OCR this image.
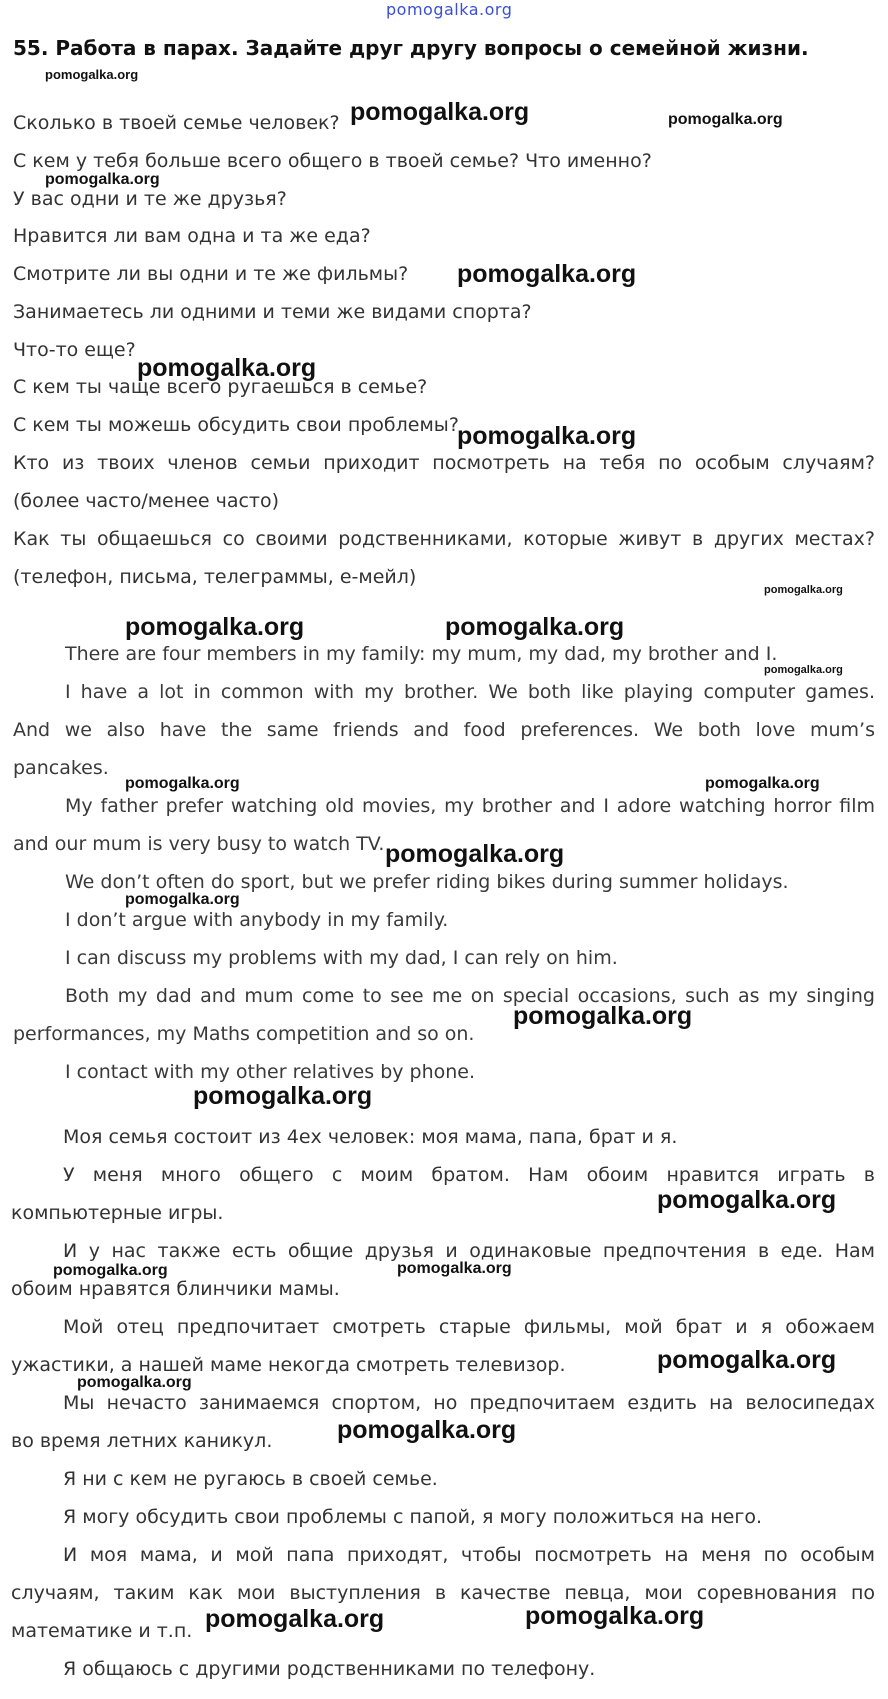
pomogalka.org
55. Работа в парах. Задайте друг другу вопросы о семейной жизни.
Сколько в твоей семье человек?
С кем у тебя больше всего общего в твоей семье? Что именно?
У вас одни и те же друзья?
Нравится ли вам одна и та же еда?
Смотрите ли вы одни и те же фильмы?
Занимаетесь ли одними и теми же видами спорта?
Что-то еще?
С кем ты чаще всего ругаешься в семье?
С кем ты можешь обсудить свои проблемы?
Кто из твоих членов семьи приходит посмотреть на тебя по особым случаям?
(более часто/менее часто)
Как ты общаешься со своими родственниками, которые живут в других местах?
(телефон, письма, телеграммы, е-мейл)
There are four members in my family: my mum, my dad, my brother and I.
I have a lot in common with my brother. We both like playing computer games.
And we also have the same friends and food preferences. We both love mum’s
pancakes.
My father prefer watching old movies, my brother and I adore watching horror film
and our mum is very busy to watch TV.
We don’t often do sport, but we prefer riding bikes during summer holidays.
I don’t argue with anybody in my family.
I can discuss my problems with my dad, I can rely on him.
Both my dad and mum come to see me on special occasions, such as my singing
performances, my Maths competition and so on.
I contact with my other relatives by phone.
Моя семья состоит из 4ех человек: моя мама, папа, брат и я.
У меня много общего с моим братом. Нам обоим нравится играть в
компьютерные игры.
И у нас также есть общие друзья и одинаковые предпочтения в еде. Нам
обоим нравятся блинчики мамы.
Мой отец предпочитает смотреть старые фильмы, мой брат и я обожаем
ужастики, а нашей маме некогда смотреть телевизор.
Мы нечасто занимаемся спортом, но предпочитаем ездить на велосипедах
во время летних каникул.
Я ни с кем не ругаюсь в своей семье.
Я могу обсудить свои проблемы с папой, я могу положиться на него.
И моя мама, и мой папа приходят, чтобы посмотреть на меня по особым
случаям, таким как мои выступления в качестве певца, мои соревнования по
математике и т.п.
Я общаюсь с другими родственниками по телефону.
pomogalka.org
pomogalka.org	pomogalka.org
pomogalka.org
pomogalka.org
pomogalka.org
pomogalka.org
pomogalka.org
pomogalka.org	pomogalka.org
pomogalka.org
pomogalka.org	pomogalka.org
pomogalka.org
pomogalka.org
pomogalka.org
pomogalka.org
pomogalka.org
pomogalka.org	pomogalka.org
pomogalka.org
pomogalka.org
pomogalka.org
pomogalka.org	pomogalka.org
